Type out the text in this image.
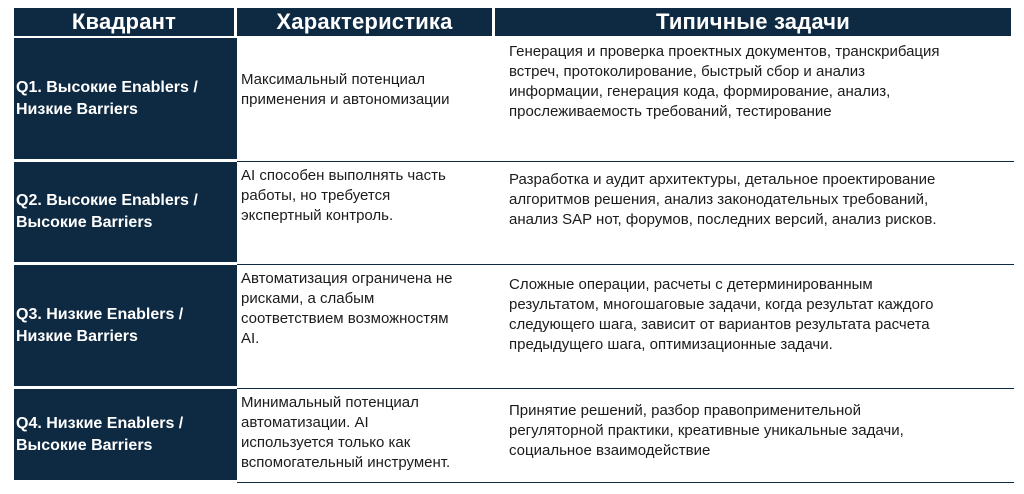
Квадрант	Характеристика	Типичные задачи
Q1. Высокие Enablers /
Низкие Barriers
Максимальный потенциал
применения и автономизации
Генерация и проверка проектных документов, транскрибация
встреч, протоколирование, быстрый сбор и анализ
информации, генерация кода, формирование, анализ,
прослеживаемость требований, тестирование
Q2. Высокие Enablers /
Высокие Barriers
AI способен выполнять часть
работы, но требуется
экспертный контроль.
Разработка и аудит архитектуры, детальное проектирование
алгоритмов решения, анализ законодательных требований,
анализ SAP нот, форумов, последних версий, анализ рисков.
Q3. Низкие Enablers /
Низкие Barriers
Автоматизация ограничена не
рисками, а слабым
соответствием возможностям
AI.
Сложные операции, расчеты с детерминированным
результатом, многошаговые задачи, когда результат каждого
следующего шага, зависит от вариантов результата расчета
предыдущего шага, оптимизационные задачи.
Q4. Низкие Enablers /
Высокие Barriers
Минимальный потенциал
автоматизации. AI
используется только как
вспомогательный инструмент.
Принятие решений, разбор правоприменительной
регуляторной практики, креативные уникальные задачи,
социальное взаимодействие
